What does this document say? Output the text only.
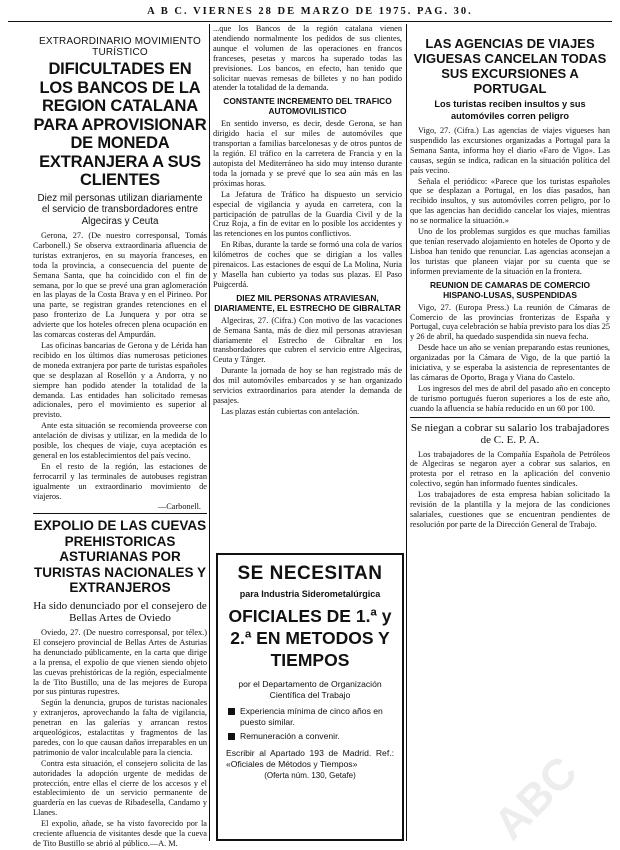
A B C. VIERNES 28 DE MARZO DE 1975. PAG. 30.
EXTRAORDINARIO MOVIMIENTO TURÍSTICO
DIFICULTADES EN LOS BANCOS DE LA REGION CATALANA PARA APROVISIONAR DE MONEDA EXTRANJERA A SUS CLIENTES
Diez mil personas utilizan diariamente el servicio de transbordadores entre Algeciras y Ceuta

Gerona, 27. (De nuestro corresponsal, Tomás Carbonell.) Se observa extraordinaria afluencia de turistas extranjeros, en su mayoría franceses, en toda la provincia, a consecuencia del puente de Semana Santa, que ha coincidido con el fin de semana, por lo que se prevé una gran aglomeración en las playas de la Costa Brava y en el Pirineo. Por una parte, se registran grandes retenciones en el paso fronterizo de La Junquera y por otra se advierte que los hoteles ofrecen plena ocupación en las comarcas costeras del Ampurdán.

Las oficinas bancarias de Gerona y de Lérida han recibido en los últimos días numerosas peticiones de moneda extranjera por parte de turistas españoles que se desplazan al Rosellón y a Andorra, y no siempre han podido atender la totalidad de la demanda. Las entidades han solicitado remesas adicionales, pero el movimiento es superior al previsto.

Ante esta situación se recomienda proveerse con antelación de divisas y utilizar, en la medida de lo posible, los cheques de viaje, cuya aceptación es general en los establecimientos del país vecino.

En el resto de la región, las estaciones de ferrocarril y las terminales de autobuses registran igualmente un extraordinario movimiento de viajeros.

—Carbonell.
EXPOLIO DE LAS CUEVAS PREHISTORICAS ASTURIANAS POR TURISTAS NACIONALES Y EXTRANJEROS
Ha sido denunciado por el consejero de Bellas Artes de Oviedo

Oviedo, 27. (De nuestro corresponsal, por télex.) El consejero provincial de Bellas Artes de Asturias ha denunciado públicamente, en la carta que dirige a la prensa, el expolio de que vienen siendo objeto las cuevas prehistóricas de la región, especialmente la de Tito Bustillo, una de las mejores de Europa por sus pinturas rupestres.

Según la denuncia, grupos de turistas nacionales y extranjeros, aprovechando la falta de vigilancia, penetran en las galerías y arrancan restos arqueológicos, estalactitas y fragmentos de las paredes, con lo que causan daños irreparables en un patrimonio de valor incalculable para la ciencia.

Contra esta situación, el consejero solicita de las autoridades la adopción urgente de medidas de protección, entre ellas el cierre de los accesos y el establecimiento de un servicio permanente de guardería en las cuevas de Ribadesella, Candamo y Llanes.

El expolio, añade, se ha visto favorecido por la creciente afluencia de visitantes desde que la cueva de Tito Bustillo se abrió al público.—A. M.

...que los Bancos de la región catalana vienen atendiendo normalmente los pedidos de sus clientes, aunque el volumen de las operaciones en francos franceses, pesetas y marcos ha superado todas las previsiones. Los bancos, en efecto, han tenido que solicitar nuevas remesas de billetes y no han podido atender la totalidad de la demanda.

CONSTANTE INCREMENTO DEL TRAFICO AUTOMOVILISTICO

En sentido inverso, es decir, desde Gerona, se han dirigido hacia el sur miles de automóviles que transportan a familias barcelonesas y de otros puntos de la región. El tráfico en la carretera de Francia y en la autopista del Mediterráneo ha sido muy intenso durante toda la jornada y se prevé que lo sea aún más en las próximas horas.

La Jefatura de Tráfico ha dispuesto un servicio especial de vigilancia y ayuda en carretera, con la participación de patrullas de la Guardia Civil y de la Cruz Roja, a fin de evitar en lo posible los accidentes y las retenciones en los puntos conflictivos.

En Ribas, durante la tarde se formó una cola de varios kilómetros de coches que se dirigían a los valles pirenaicos. Las estaciones de esquí de La Molina, Nuria y Masella han cubierto ya todas sus plazas. El Paso Puigcerdá.

DIEZ MIL PERSONAS ATRAVIESAN, DIARIAMENTE, EL ESTRECHO DE GIBRALTAR

Algeciras, 27. (Cifra.) Con motivo de las vacaciones de Semana Santa, más de diez mil personas atraviesan diariamente el Estrecho de Gibraltar en los transbordadores que cubren el servicio entre Algeciras, Ceuta y Tánger.

Durante la jornada de hoy se han registrado más de dos mil automóviles embarcados y se han organizado servicios extraordinarios para atender la demanda de pasajes.

Las plazas están cubiertas con antelación.

SE NECESITAN
para Industria Siderometalúrgica
OFICIALES DE 1.ª y 2.ª EN METODOS Y TIEMPOS
por el Departamento de Organización Científica del Trabajo
Experiencia mínima de cinco años en puesto similar.
Remuneración a convenir.
Escribir al Apartado 193 de Madrid. Ref.: «Oficiales de Métodos y Tiempos»
(Oferta núm. 130, Getafe)
LAS AGENCIAS DE VIAJES VIGUESAS CANCELAN TODAS SUS EXCURSIONES A PORTUGAL
Los turistas reciben insultos y sus automóviles corren peligro

Vigo, 27. (Cifra.) Las agencias de viajes vigueses han suspendido las excursiones organizadas a Portugal para la Semana Santa, informa hoy el diario «Faro de Vigo». Las causas, según se indica, radican en la situación política del país vecino.

Señala el periódico: «Parece que los turistas españoles que se desplazan a Portugal, en los días pasados, han recibido insultos, y sus automóviles corren peligro, por lo que las agencias han decidido cancelar los viajes, mientras no se normalice la situación.»

Uno de los problemas surgidos es que muchas familias que tenían reservado alojamiento en hoteles de Oporto y de Lisboa han tenido que renunciar. Las agencias aconsejan a los turistas que planeen viajar por su cuenta que se informen previamente de la situación en la frontera.

REUNION DE CAMARAS DE COMERCIO HISPANO-LUSAS, SUSPENDIDAS

Vigo, 27. (Europa Press.) La reunión de Cámaras de Comercio de las provincias fronterizas de España y Portugal, cuya celebración se había previsto para los días 25 y 26 de abril, ha quedado suspendida sin nueva fecha.

Desde hace un año se venían preparando estas reuniones, organizadas por la Cámara de Vigo, de la que partió la iniciativa, y se esperaba la asistencia de representantes de las cámaras de Oporto, Braga y Viana do Castelo.

Los ingresos del mes de abril del pasado año en concepto de turismo portugués fueron superiores a los de este año, cuando la afluencia se había reducido en un 60 por 100.

Se niegan a cobrar su salario los trabajadores de C. E. P. A.

Los trabajadores de la Compañía Española de Petróleos de Algeciras se negaron ayer a cobrar sus salarios, en protesta por el retraso en la aplicación del convenio colectivo, según han informado fuentes sindicales.

Los trabajadores de esta empresa habían solicitado la revisión de la plantilla y la mejora de las condiciones salariales, cuestiones que se encuentran pendientes de resolución por parte de la Dirección General de Trabajo.

ABC
